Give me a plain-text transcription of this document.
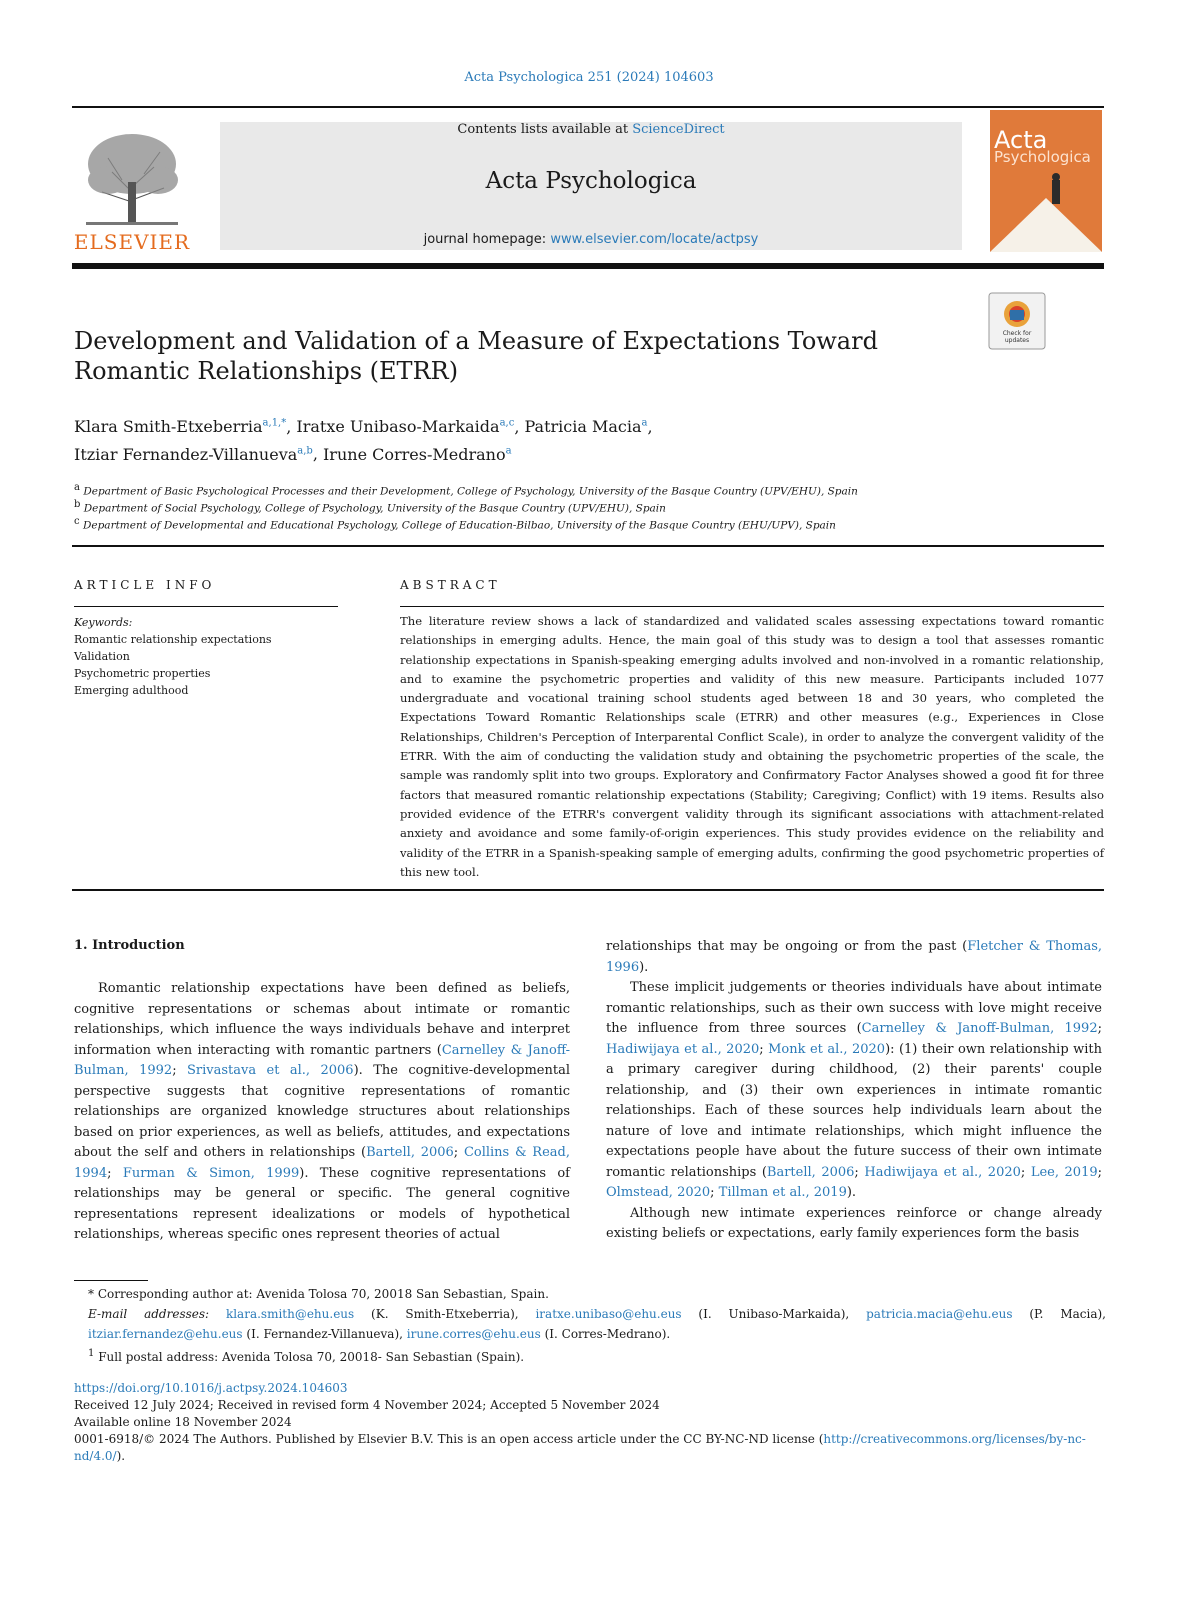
Acta Psychologica 251 (2024) 104603
ELSEVIER
Contents lists available at ScienceDirect
Acta Psychologica
journal homepage: www.elsevier.com/locate/actpsy
Acta
Psychologica
Check for updates
Development and Validation of a Measure of Expectations Toward
Romantic Relationships (ETRR)
Klara Smith-Etxeberria$^{a,1,*}$, Iratxe Unibaso-Markaida$^{a,c}$, Patricia Macia$^a$,
Itziar Fernandez-Villanueva$^{a,b}$, Irune Corres-Medrano$^a$
$^a$ Department of Basic Psychological Processes and their Development, College of Psychology, University of the Basque Country (UPV/EHU), Spain
$^b$ Department of Social Psychology, College of Psychology, University of the Basque Country (UPV/EHU), Spain
$^c$ Department of Developmental and Educational Psychology, College of Education-Bilbao, University of the Basque Country (EHU/UPV), Spain
ARTICLE INFO
Keywords:
Romantic relationship expectations
Validation
Psychometric properties
Emerging adulthood
ABSTRACT
The literature review shows a lack of standardized and validated scales assessing expectations toward romantic relationships in emerging adults. Hence, the main goal of this study was to design a tool that assesses romantic relationship expectations in Spanish-speaking emerging adults involved and non-involved in a romantic relationship, and to examine the psychometric properties and validity of this new measure. Participants included 1077 undergraduate and vocational training school students aged between 18 and 30 years, who completed the Expectations Toward Romantic Relationships scale (ETRR) and other measures (e.g., Experiences in Close Relationships, Children's Perception of Interparental Conflict Scale), in order to analyze the convergent validity of the ETRR. With the aim of conducting the validation study and obtaining the psychometric properties of the scale, the sample was randomly split into two groups. Exploratory and Confirmatory Factor Analyses showed a good fit for three factors that measured romantic relationship expectations (Stability; Caregiving; Conflict) with 19 items. Results also provided evidence of the ETRR's convergent validity through its significant associations with attachment-related anxiety and avoidance and some family-of-origin experiences. This study provides evidence on the reliability and validity of the ETRR in a Spanish-speaking sample of emerging adults, confirming the good psychometric properties of this new tool.
1. Introduction

Romantic relationship expectations have been defined as beliefs, cognitive representations or schemas about intimate or romantic relationships, which influence the ways individuals behave and interpret information when interacting with romantic partners (Carnelley & Janoff-Bulman, 1992; Srivastava et al., 2006). The cognitive-developmental perspective suggests that cognitive representations of romantic relationships are organized knowledge structures about relationships based on prior experiences, as well as beliefs, attitudes, and expectations about the self and others in relationships (Bartell, 2006; Collins & Read, 1994; Furman & Simon, 1999). These cognitive representations of relationships may be general or specific. The general cognitive representations represent idealizations or models of hypothetical relationships, whereas specific ones represent theories of actual

relationships that may be ongoing or from the past (Fletcher & Thomas, 1996).

These implicit judgements or theories individuals have about intimate romantic relationships, such as their own success with love might receive the influence from three sources (Carnelley & Janoff-Bulman, 1992; Hadiwijaya et al., 2020; Monk et al., 2020): (1) their own relationship with a primary caregiver during childhood, (2) their parents' couple relationship, and (3) their own experiences in intimate romantic relationships. Each of these sources help individuals learn about the nature of love and intimate relationships, which might influence the expectations people have about the future success of their own intimate romantic relationships (Bartell, 2006; Hadiwijaya et al., 2020; Lee, 2019; Olmstead, 2020; Tillman et al., 2019).

Although new intimate experiences reinforce or change already existing beliefs or expectations, early family experiences form the basis

* Corresponding author at: Avenida Tolosa 70, 20018 San Sebastian, Spain.
E-mail addresses: klara.smith@ehu.eus (K. Smith-Etxeberria), iratxe.unibaso@ehu.eus (I. Unibaso-Markaida), patricia.macia@ehu.eus (P. Macia), itziar.fernandez@ehu.eus (I. Fernandez-Villanueva), irune.corres@ehu.eus (I. Corres-Medrano).
$^1$ Full postal address: Avenida Tolosa 70, 20018- San Sebastian (Spain).
https://doi.org/10.1016/j.actpsy.2024.104603
Received 12 July 2024; Received in revised form 4 November 2024; Accepted 5 November 2024
Available online 18 November 2024
0001-6918/© 2024 The Authors. Published by Elsevier B.V. This is an open access article under the CC BY-NC-ND license (http://creativecommons.org/licenses/by-nc-nd/4.0/).
